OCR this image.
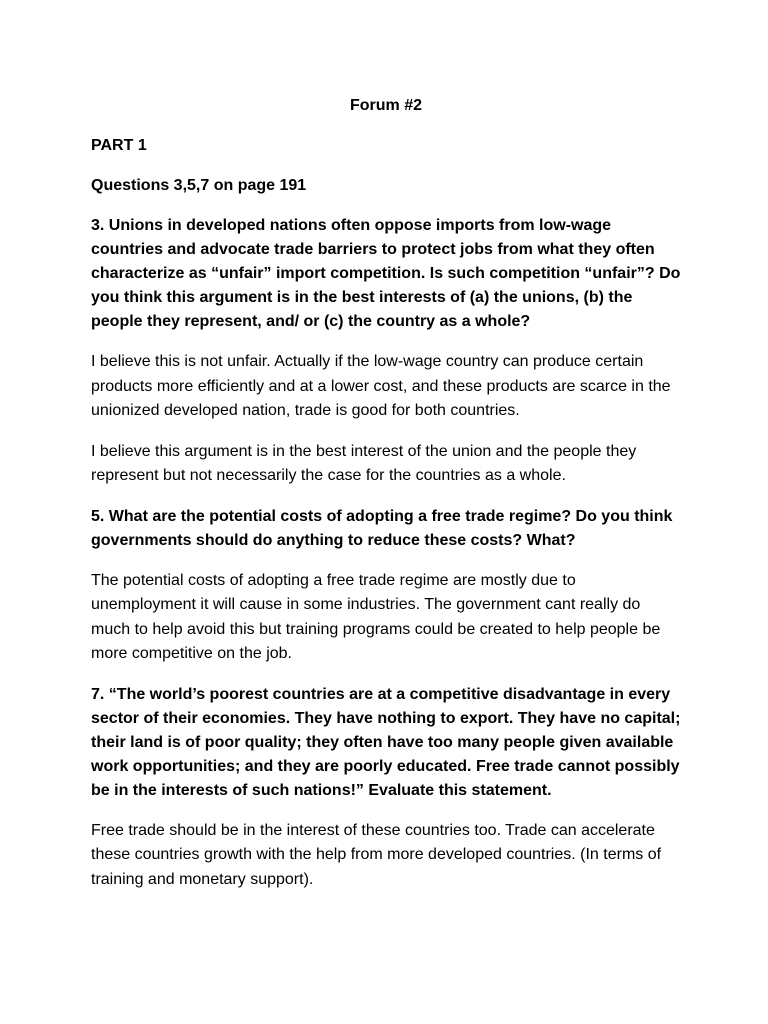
Forum #2

PART 1

Questions 3,5,7 on page 191

3. Unions in developed nations often oppose imports from low-wage countries and advocate trade barriers to protect jobs from what they often characterize as “unfair” import competition. Is such competition “unfair”? Do you think this argument is in the best interests of (a) the unions, (b) the people they represent, and/ or (c) the country as a whole?

I believe this is not unfair. Actually if the low-wage country can produce certain products more efficiently and at a lower cost, and these products are scarce in the unionized developed nation, trade is good for both countries.

I believe this argument is in the best interest of the union and the people they represent but not necessarily the case for the countries as a whole.

5. What are the potential costs of adopting a free trade regime? Do you think governments should do anything to reduce these costs? What?

The potential costs of adopting a free trade regime are mostly due to unemployment it will cause in some industries. The government cant really do much to help avoid this but training programs could be created to help people be more competitive on the job.

7. “The world’s poorest countries are at a competitive disadvantage in every sector of their economies. They have nothing to export. They have no capital; their land is of poor quality; they often have too many people given available work opportunities; and they are poorly educated. Free trade cannot possibly be in the interests of such nations!” Evaluate this statement.

Free trade should be in the interest of these countries too. Trade can accelerate these countries growth with the help from more developed countries. (In terms of training and monetary support).
